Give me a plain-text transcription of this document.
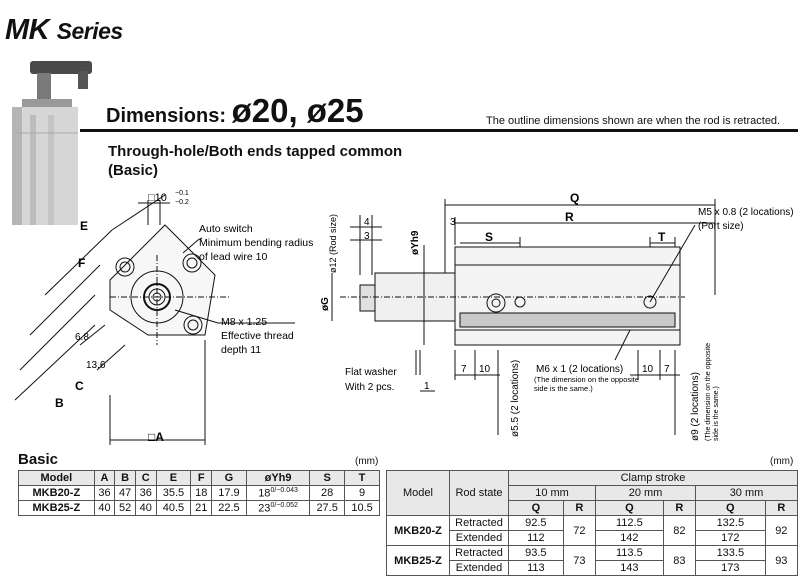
MK Series
Dimensions: ø20, ø25	The outline dimensions shown are when the rod is retracted.
Through-hole/Both ends tapped common
(Basic)
□10 −0.1
−0.2
Auto switch
Minimum bending radius
of lead wire 10
M8 x 1.25
Effective thread
depth 11
E
F
C
B
6.8
13.6
□A
Q
R
S	T
4
3
3
ø12 (Rod size)	øYh9
øG
M5 x 0.8 (2 locations)
(Port size)
Flat washer
With 2 pcs.	1
7 10	10 7
M6 x 1 (2 locations)
(The dimension on the opposite
side is the same.)
ø5.5 (2 locations)	ø9 (2 locations) (The dimension on the opposite side is the same.)
Basic	(mm)
Model	A	B	C	E	F	G	øYh9	S	T
MKB20-Z	36	47	36	35.5	18	17.9	$18^{0/-0.043}$	28	9
MKB25-Z	40	52	40	40.5	21	22.5	$23^{0/-0.052}$	27.5	10.5
(mm)
Model	Rod state	Clamp stroke					
		10 mm		20 mm		30 mm	
		Q	R	Q	R	Q	R
MKB20-Z	Retracted	92.5	72	112.5	82	132.5	92
	Extended	112		142		172	
MKB25-Z	Retracted	93.5	73	113.5	83	133.5	93
	Extended	113		143		173	
